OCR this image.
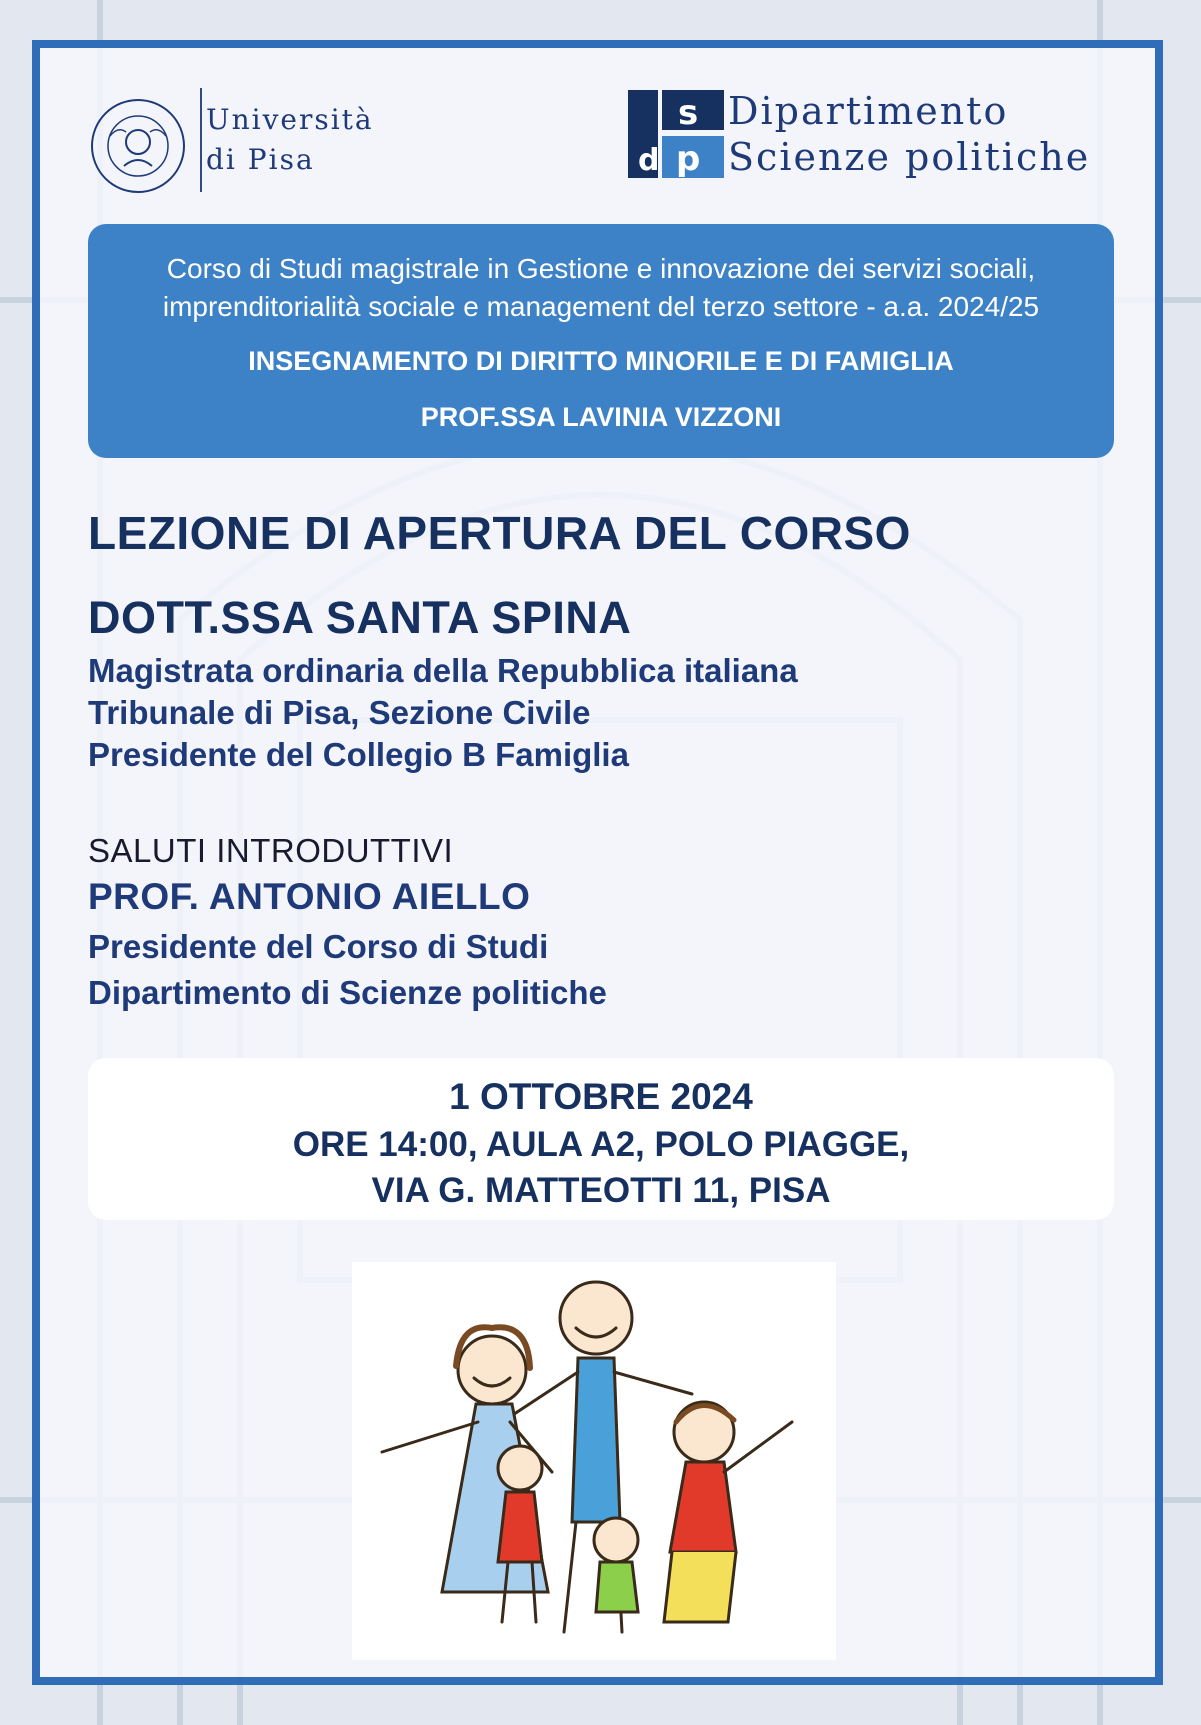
Università
di Pisa	d
s
p
Dipartimento
Scienze politiche
Corso di Studi magistrale in Gestione e innovazione dei servizi sociali,
imprenditorialità sociale e management del terzo settore - a.a. 2024/25
INSEGNAMENTO DI DIRITTO MINORILE E DI FAMIGLIA
PROF.SSA LAVINIA VIZZONI
LEZIONE DI APERTURA DEL CORSO
DOTT.SSA SANTA SPINA
Magistrata ordinaria della Repubblica italiana
Tribunale di Pisa, Sezione Civile
Presidente del Collegio B Famiglia
SALUTI INTRODUTTIVI
PROF. ANTONIO AIELLO
Presidente del Corso di Studi
Dipartimento di Scienze politiche
1 OTTOBRE 2024
ORE 14:00, AULA A2, POLO PIAGGE,
VIA G. MATTEOTTI 11, PISA
